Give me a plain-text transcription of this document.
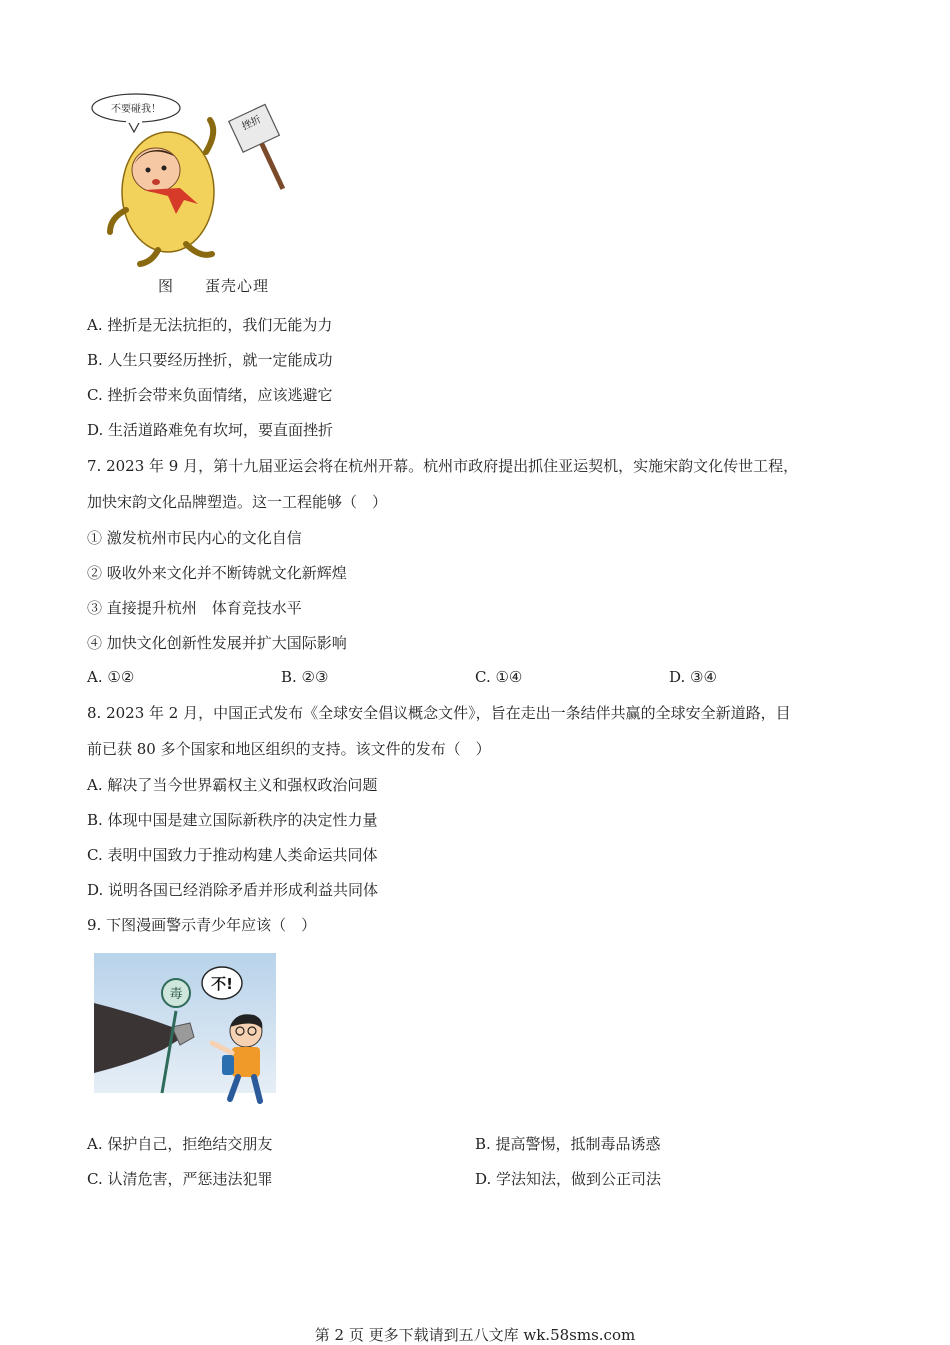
不要碰我！
挫折
图 蛋壳心理
A. 挫折是无法抗拒的，我们无能为力
B. 人生只要经历挫折，就一定能成功
C. 挫折会带来负面情绪，应该逃避它
D. 生活道路难免有坎坷，要直面挫折
7. 2023 年 9 月，第十九届亚运会将在杭州开幕。杭州市政府提出抓住亚运契机，实施宋韵文化传世工程，
加快宋韵文化品牌塑造。这一工程能够（　）
① 激发杭州市民内心的文化自信
② 吸收外来文化并不断铸就文化新辉煌
③ 直接提升杭州　体育竞技水平
④ 加快文化创新性发展并扩大国际影响
A. ①②	B. ②③	C. ①④	D. ③④
8. 2023 年 2 月，中国正式发布《全球安全倡议概念文件》，旨在走出一条结伴共赢的全球安全新道路，目
前已获 80 多个国家和地区组织的支持。该文件的发布（　）
A. 解决了当今世界霸权主义和强权政治问题
B. 体现中国是建立国际新秩序的决定性力量
C. 表明中国致力于推动构建人类命运共同体
D. 说明各国已经消除矛盾并形成利益共同体
9. 下图漫画警示青少年应该（　）
毒
不!
A. 保护自己，拒绝结交朋友	B. 提高警惕，抵制毒品诱惑
C. 认清危害，严惩违法犯罪	D. 学法知法，做到公正司法
第 2 页 更多下载请到五八文库 wk.58sms.com
